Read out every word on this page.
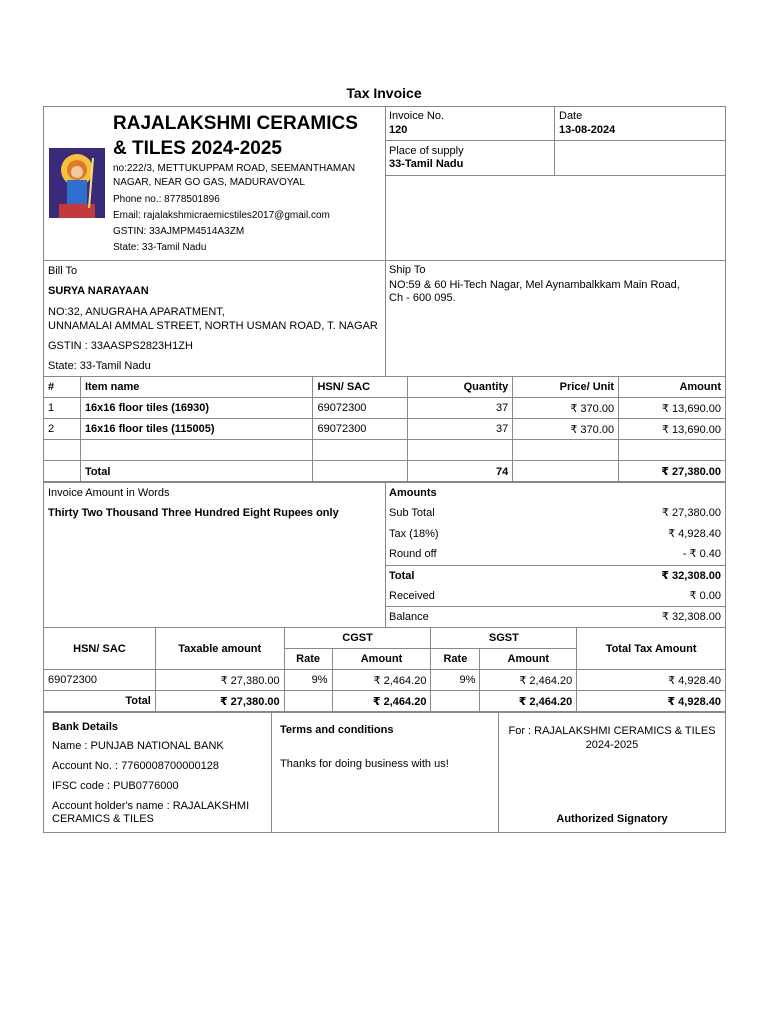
Tax Invoice
RAJALAKSHMI CERAMICS
& TILES 2024-2025
no:222/3, METTUKUPPAM ROAD, SEEMANTHAMAN
NAGAR, NEAR GO GAS, MADURAVOYAL
Phone no.: 8778501896
Email: rajalakshmicraemicstiles2017@gmail.com
GSTIN: 33AJMPM4514A3ZM
State: 33-Tamil Nadu
Invoice No.
120
Date
13-08-2024
Place of supply
33-Tamil Nadu
Bill To
SURYA NARAYAAN
NO:32, ANUGRAHA APARATMENT,
UNNAMALAI AMMAL STREET, NORTH USMAN ROAD, T. NAGAR
GSTIN : 33AASPS2823H1ZH
State: 33-Tamil Nadu
Ship To
NO:59 & 60 Hi-Tech Nagar, Mel Aynambalkkam Main Road,
Ch - 600 095.
#	Item name	HSN/ SAC	Quantity	Price/ Unit	Amount
1	16x16 floor tiles (16930)	69072300	37	₹ 370.00	₹ 13,690.00
2	16x16 floor tiles (115005)	69072300	37	₹ 370.00	₹ 13,690.00

	Total		74		₹ 27,380.00
Invoice Amount in Words
Thirty Two Thousand Three Hundred Eight Rupees only
Amounts
Sub Total	₹ 27,380.00
Tax (18%)	₹ 4,928.40
Round off	- ₹ 0.40
Total	₹ 32,308.00
Received	₹ 0.00
Balance	₹ 32,308.00
HSN/ SAC	Taxable amount	CGST		SGST		Total Tax Amount
		Rate	Amount	Rate	Amount	
69072300	₹ 27,380.00	9%	₹ 2,464.20	9%	₹ 2,464.20	₹ 4,928.40
Total	₹ 27,380.00		₹ 2,464.20		₹ 2,464.20	₹ 4,928.40
Bank Details
Name : PUNJAB NATIONAL BANK
Account No. : 7760008700000128
IFSC code : PUB0776000
Account holder's name : RAJALAKSHMI
CERAMICS & TILES
Terms and conditions
Thanks for doing business with us!
For : RAJALAKSHMI CERAMICS & TILES
2024-2025
Authorized Signatory
